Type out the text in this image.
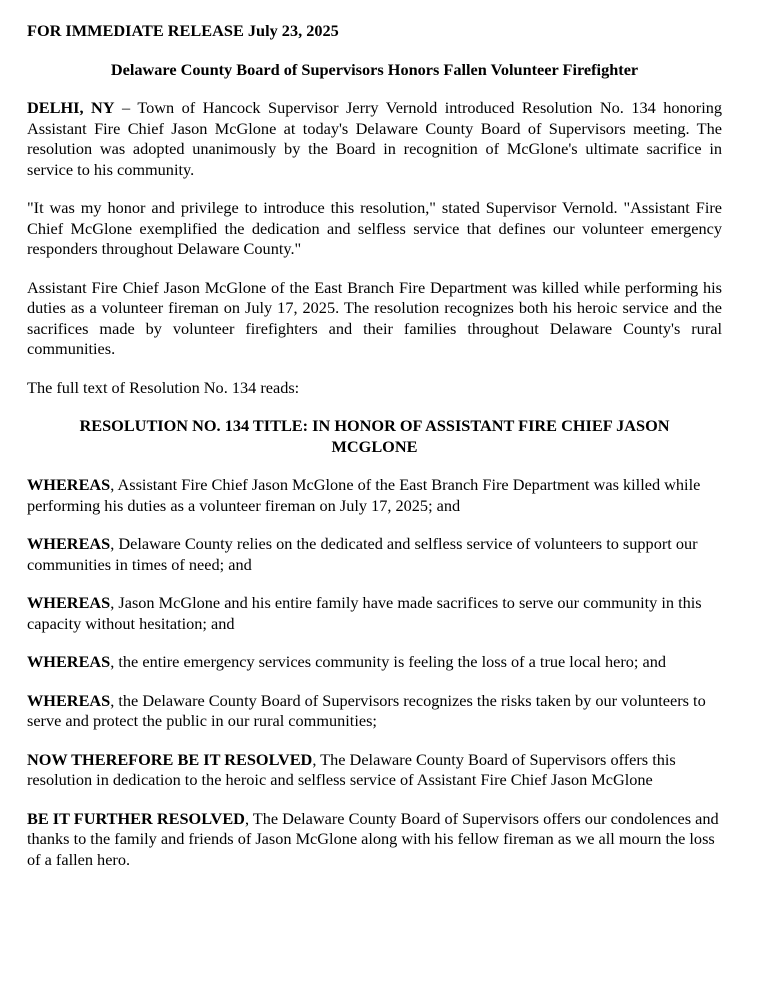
FOR IMMEDIATE RELEASE July 23, 2025
Delaware County Board of Supervisors Honors Fallen Volunteer Firefighter

DELHI, NY – Town of Hancock Supervisor Jerry Vernold introduced Resolution No. 134 honoring Assistant Fire Chief Jason McGlone at today's Delaware County Board of Supervisors meeting. The resolution was adopted unanimously by the Board in recognition of McGlone's ultimate sacrifice in service to his community.

"It was my honor and privilege to introduce this resolution," stated Supervisor Vernold. "Assistant Fire Chief McGlone exemplified the dedication and selfless service that defines our volunteer emergency responders throughout Delaware County."

Assistant Fire Chief Jason McGlone of the East Branch Fire Department was killed while performing his duties as a volunteer fireman on July 17, 2025. The resolution recognizes both his heroic service and the sacrifices made by volunteer firefighters and their families throughout Delaware County's rural communities.

The full text of Resolution No. 134 reads:

RESOLUTION NO. 134 TITLE: IN HONOR OF ASSISTANT FIRE CHIEF JASON MCGLONE

WHEREAS, Assistant Fire Chief Jason McGlone of the East Branch Fire Department was killed while performing his duties as a volunteer fireman on July 17, 2025; and

WHEREAS, Delaware County relies on the dedicated and selfless service of volunteers to support our communities in times of need; and

WHEREAS, Jason McGlone and his entire family have made sacrifices to serve our community in this capacity without hesitation; and

WHEREAS, the entire emergency services community is feeling the loss of a true local hero; and

WHEREAS, the Delaware County Board of Supervisors recognizes the risks taken by our volunteers to serve and protect the public in our rural communities;

NOW THEREFORE BE IT RESOLVED, The Delaware County Board of Supervisors offers this resolution in dedication to the heroic and selfless service of Assistant Fire Chief Jason McGlone

BE IT FURTHER RESOLVED, The Delaware County Board of Supervisors offers our condolences and thanks to the family and friends of Jason McGlone along with his fellow fireman as we all mourn the loss of a fallen hero.
